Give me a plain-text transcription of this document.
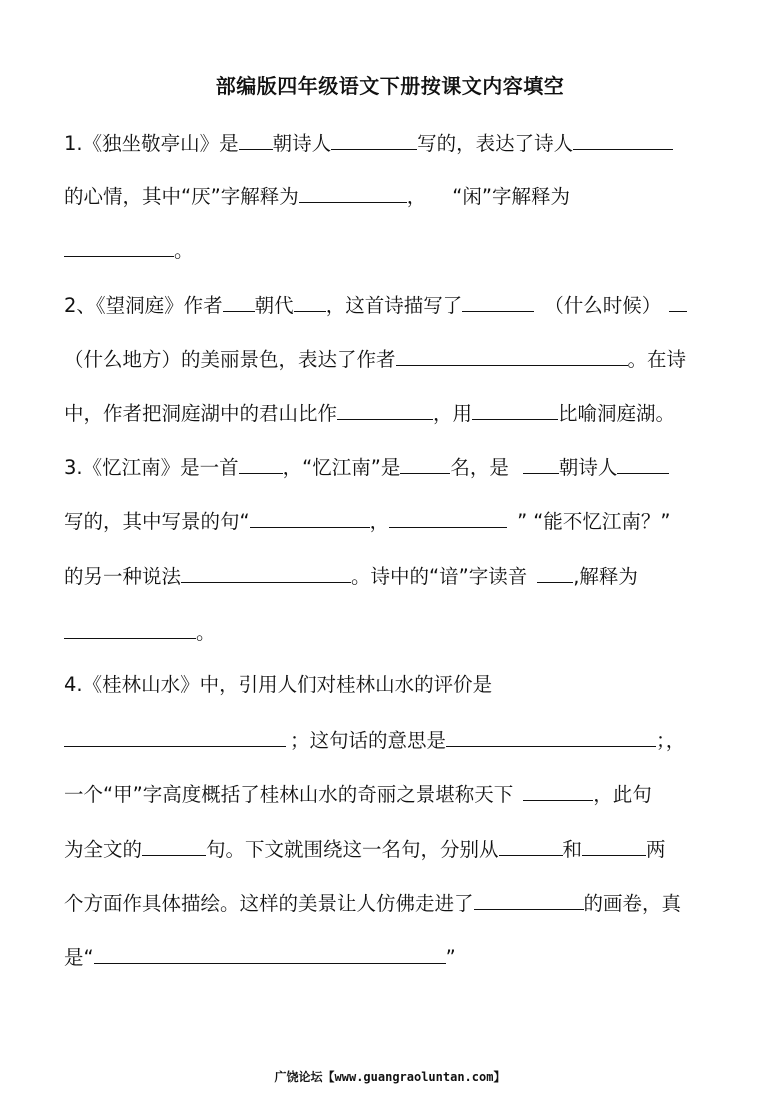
部编版四年级语文下册按课文内容填空
1.《独坐敬亭山》是 朝诗人	写的，表达了诗人
的心情，其中“厌”字解释为	， “闲”字解释为
。
2、《望洞庭》作者 朝代 ，这首诗描写了	（什么时候）
（什么地方）的美丽景色，表达了作者	。在诗
中，作者把洞庭湖中的君山比作	，用	比喻洞庭湖。
3.《忆江南》是一首 ，“忆江南”是	名，是	朝诗人
写的，其中写景的句“	，	” “能不忆江南？”
的另一种说法	。诗中的“谙”字读音 ,解释为
。
4.《桂林山水》中，引用人们对桂林山水的评价是
；这句话的意思是	；，
一个“甲”字高度概括了桂林山水的奇丽之景堪称天下	，此句
为全文的	句。下文就围绕这一名句，分别从	和	两
个方面作具体描绘。这样的美景让人仿佛走进了	的画卷，真
是“	”
广饶论坛【www.guangraoluntan.com】
